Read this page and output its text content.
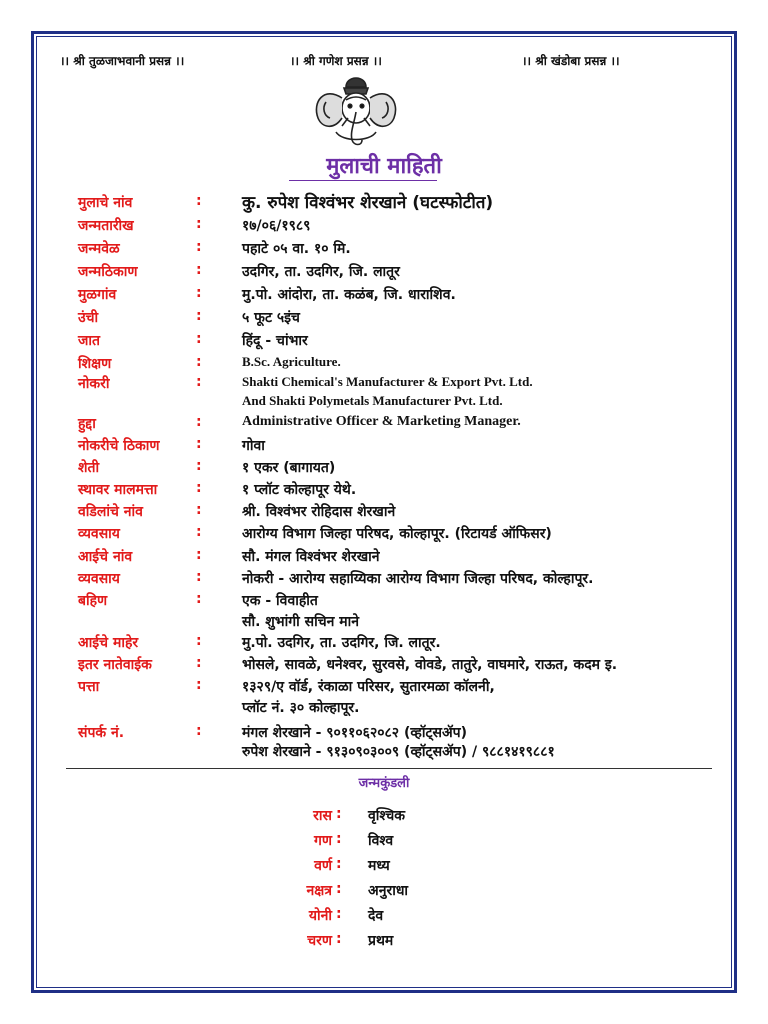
।। श्री तुळजाभवानी प्रसन्न ।।	।। श्री गणेश प्रसन्न ।।	।। श्री खंडोबा प्रसन्न ।।
मुलाची माहिती
मुलाचे नांव	: कु. रुपेश विश्वंभर शेरखाने (घटस्फोटीत)
जन्मतारीख	:	१७/०६/१९८९
जन्मवेळ	:	पहाटे ०५ वा. १० मि.
जन्मठिकाण	:	उदगिर, ता. उदगिर, जि. लातूर
मुळगांव	:	मु.पो. आंदोरा, ता. कळंब, जि. धाराशिव.
उंची	:	५ फूट ५इंच
जात	:	हिंदू - चांभार
शिक्षण	:	B.Sc. Agriculture.
नोकरी	:	Shakti Chemical's Manufacturer & Export Pvt. Ltd.
And Shakti Polymetals Manufacturer Pvt. Ltd.
हुद्दा	:	Administrative Officer & Marketing Manager.
नोकरीचे ठिकाण	:	गोवा
शेती	:	१ एकर (बागायत)
स्थावर मालमत्ता	:	१ प्लॉट कोल्हापूर येथे.
वडिलांचे नांव	:	श्री. विश्वंभर रोहिदास शेरखाने
व्यवसाय	:	आरोग्य विभाग जिल्हा परिषद, कोल्हापूर. (रिटायर्ड ऑफिसर)
आईचे नांव	:	सौ. मंगल विश्वंभर शेरखाने
व्यवसाय	:	नोकरी - आरोग्य सहाय्यिका आरोग्य विभाग जिल्हा परिषद, कोल्हापूर.
बहिण	:	एक - विवाहीत
सौ. शुभांगी सचिन माने
आईचे माहेर	:	मु.पो. उदगिर, ता. उदगिर, जि. लातूर.
इतर नातेवाईक	:	भोसले, सावळे, धनेश्वर, सुरवसे, वोवडे, तातुरे, वाघमारे, राऊत, कदम इ.
पत्ता	:	१३२९/ए वॉर्ड, रंकाळा परिसर, सुतारमळा कॉलनी,
प्लॉट नं. ३० कोल्हापूर.
संपर्क नं.	:	मंगल शेरखाने - ९०११०६२०८२ (व्हॉट्सॲप)
रुपेश शेरखाने - ९१३०९०३००९ (व्हॉट्सॲप) / ९८८१४१९८८१
जन्मकुंडली
रास : वृश्चिक
गण : विश्व
वर्ण : मध्य
नक्षत्र : अनुराधा
योनी : देव
चरण : प्रथम
